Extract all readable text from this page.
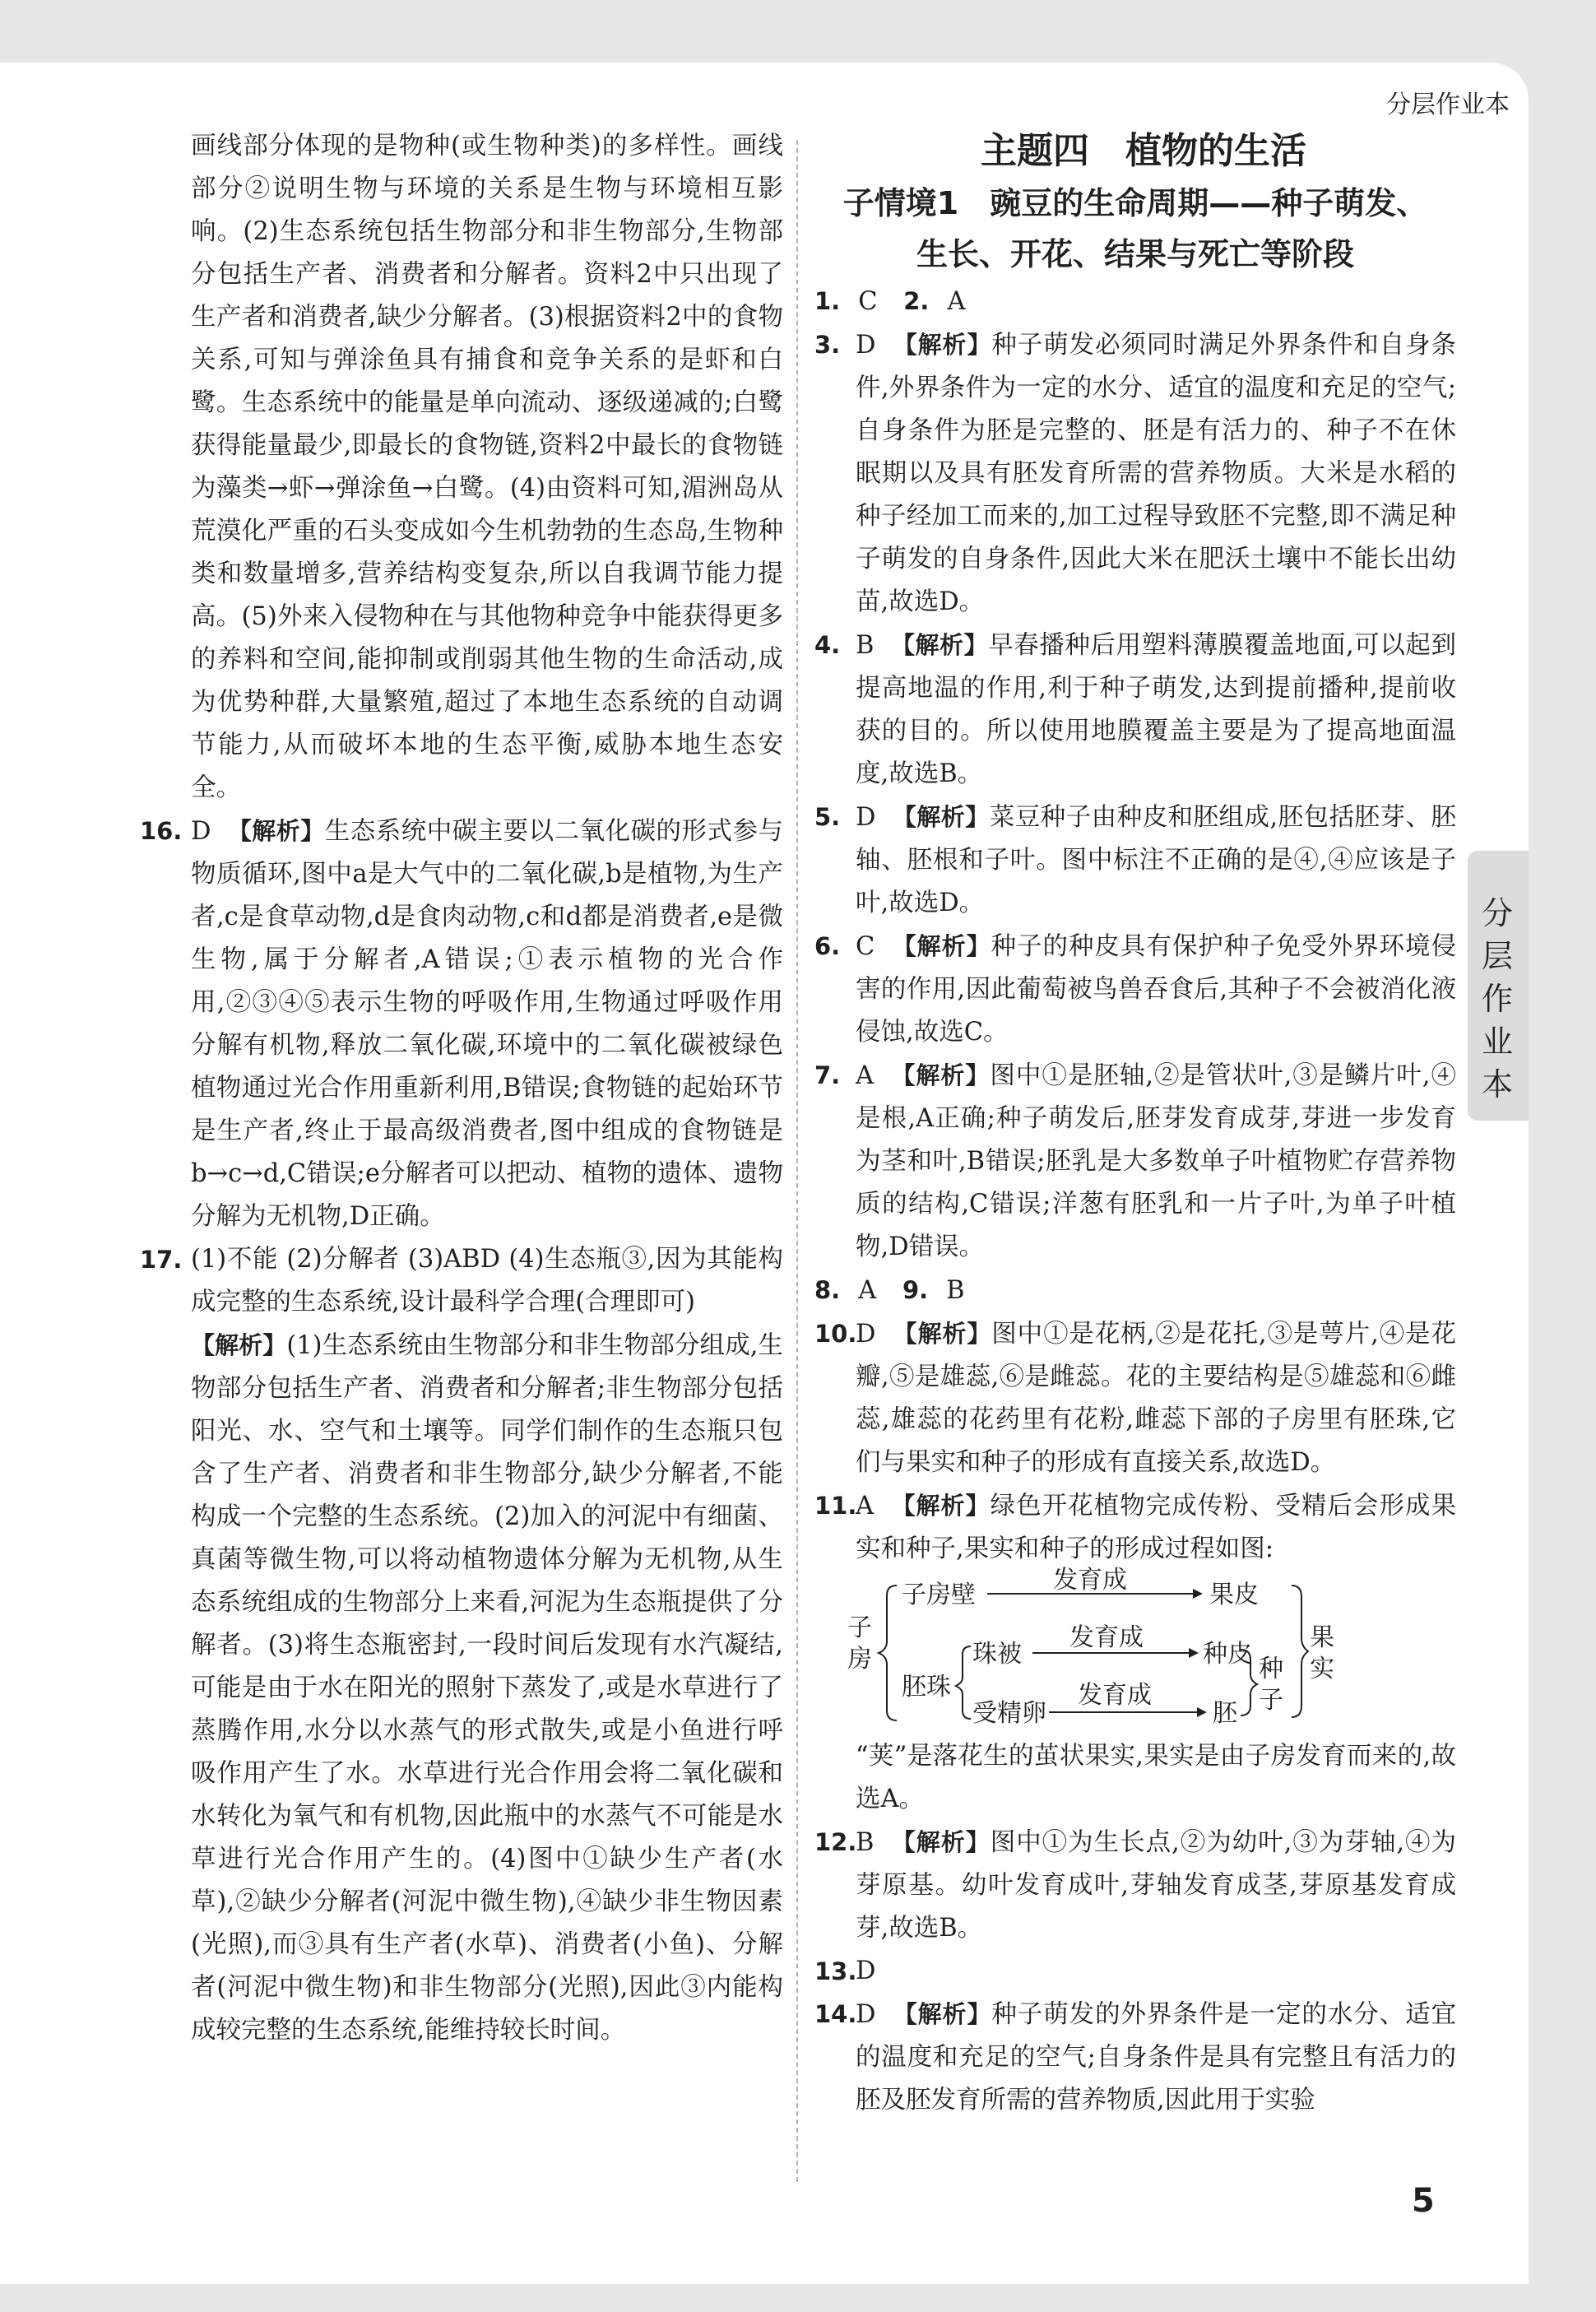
分层作业本
分层作业本

画线部分体现的是物种(或生物种类)的多样性。画线部分②说明生物与环境的关系是生物与环境相互影响。(2)生态系统包括生物部分和非生物部分,生物部分包括生产者、消费者和分解者。资料2中只出现了生产者和消费者,缺少分解者。(3)根据资料2中的食物关系,可知与弹涂鱼具有捕食和竞争关系的是虾和白鹭。生态系统中的能量是单向流动、逐级递减的;白鹭获得能量最少,即最长的食物链,资料2中最长的食物链为藻类→虾→弹涂鱼→白鹭。(4)由资料可知,湄洲岛从荒漠化严重的石头变成如今生机勃勃的生态岛,生物种类和数量增多,营养结构变复杂,所以自我调节能力提高。(5)外来入侵物种在与其他物种竞争中能获得更多的养料和空间,能抑制或削弱其他生物的生命活动,成为优势种群,大量繁殖,超过了本地生态系统的自动调节能力,从而破坏本地的生态平衡,威胁本地生态安全。

16. D 【解析】生态系统中碳主要以二氧化碳的形式参与物质循环,图中a是大气中的二氧化碳,b是植物,为生产者,c是食草动物,d是食肉动物,c和d都是消费者,e是微生物,属于分解者,A错误;①表示植物的光合作用,②③④⑤表示生物的呼吸作用,生物通过呼吸作用分解有机物,释放二氧化碳,环境中的二氧化碳被绿色植物通过光合作用重新利用,B错误;食物链的起始环节是生产者,终止于最高级消费者,图中组成的食物链是b→c→d,C错误;e分解者可以把动、植物的遗体、遗物分解为无机物,D正确。

17. (1)不能 (2)分解者 (3)ABD (4)生态瓶③,因为其能构成完整的生态系统,设计最科学合理(合理即可)

【解析】(1)生态系统由生物部分和非生物部分组成,生物部分包括生产者、消费者和分解者;非生物部分包括阳光、水、空气和土壤等。同学们制作的生态瓶只包含了生产者、消费者和非生物部分,缺少分解者,不能构成一个完整的生态系统。(2)加入的河泥中有细菌、真菌等微生物,可以将动植物遗体分解为无机物,从生态系统组成的生物部分上来看,河泥为生态瓶提供了分解者。(3)将生态瓶密封,一段时间后发现有水汽凝结,可能是由于水在阳光的照射下蒸发了,或是水草进行了蒸腾作用,水分以水蒸气的形式散失,或是小鱼进行呼吸作用产生了水。水草进行光合作用会将二氧化碳和水转化为氧气和有机物,因此瓶中的水蒸气不可能是水草进行光合作用产生的。(4)图中①缺少生产者(水草),②缺少分解者(河泥中微生物),④缺少非生物因素(光照),而③具有生产者(水草)、消费者(小鱼)、分解者(河泥中微生物)和非生物部分(光照),因此③内能构成较完整的生态系统,能维持较长时间。

主题四　植物的生活
子情境1　豌豆的生命周期——种子萌发、
生长、开花、结果与死亡等阶段
1. C 2. A
3. D 【解析】种子萌发必须同时满足外界条件和自身条件,外界条件为一定的水分、适宜的温度和充足的空气;自身条件为胚是完整的、胚是有活力的、种子不在休眠期以及具有胚发育所需的营养物质。大米是水稻的种子经加工而来的,加工过程导致胚不完整,即不满足种子萌发的自身条件,因此大米在肥沃土壤中不能长出幼苗,故选D。

4. B 【解析】早春播种后用塑料薄膜覆盖地面,可以起到提高地温的作用,利于种子萌发,达到提前播种,提前收获的目的。所以使用地膜覆盖主要是为了提高地面温度,故选B。

5. D 【解析】菜豆种子由种皮和胚组成,胚包括胚芽、胚轴、胚根和子叶。图中标注不正确的是④,④应该是子叶,故选D。

6. C 【解析】种子的种皮具有保护种子免受外界环境侵害的作用,因此葡萄被鸟兽吞食后,其种子不会被消化液侵蚀,故选C。

7. A 【解析】图中①是胚轴,②是管状叶,③是鳞片叶,④是根,A正确;种子萌发后,胚芽发育成芽,芽进一步发育为茎和叶,B错误;胚乳是大多数单子叶植物贮存营养物质的结构,C错误;洋葱有胚乳和一片子叶,为单子叶植物,D错误。

8. A 9. B
10.

D 【解析】图中①是花柄,②是花托,③是萼片,④是花瓣,⑤是雄蕊,⑥是雌蕊。花的主要结构是⑤雄蕊和⑥雌蕊,雄蕊的花药里有花粉,雌蕊下部的子房里有胚珠,它们与果实和种子的形成有直接关系,故选D。

11.

A 【解析】绿色开花植物完成传粉、受精后会形成果实和种子,果实和种子的形成过程如图:

子
房
子房壁
发育成
果皮
胚珠
珠被
发育成
种皮
受精卵
发育成
胚
种
子
果
实

“荚”是落花生的茧状果实,果实是由子房发育而来的,故选A。

12.

B 【解析】图中①为生长点,②为幼叶,③为芽轴,④为芽原基。幼叶发育成叶,芽轴发育成茎,芽原基发育成芽,故选B。

13.

D

14.

D 【解析】种子萌发的外界条件是一定的水分、适宜的温度和充足的空气;自身条件是具有完整且有活力的胚及胚发育所需的营养物质,因此用于实验

5
